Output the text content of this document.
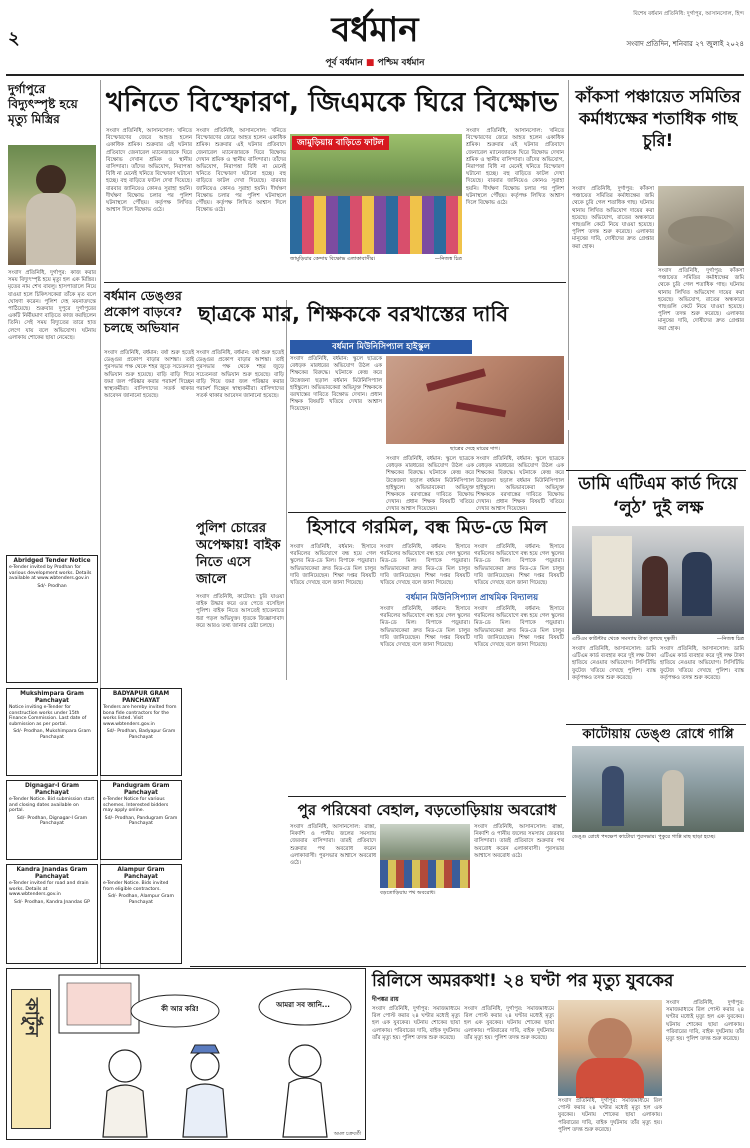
২	বর্ধমান	বিশেষ বর্ধমান প্রতিনিধি: দুর্গাপুর, আসানসোল, হিন্দ
সংবাদ প্রতিদিন, শনিবার ২৭ জুলাই ২০২৪
পূর্ব বর্ধমান ■ পশ্চিম বর্ধমান
দুর্গাপুরে বিদ্যুৎস্পৃষ্ট হয়ে মৃত্যু মিস্ত্রির
সংবাদ প্রতিনিধি, দুর্গাপুর: কাজ করার সময় বিদ্যুৎস্পৃষ্ট হয়ে মৃত্যু হল এক মিস্ত্রির। মৃতের নাম শেখ বাবলু। হাসপাতালে নিয়ে যাওয়া হলে চিকিৎসকেরা তাঁকে মৃত বলে ঘোষণা করেন। পুলিশ দেহ ময়নাতদন্তে পাঠিয়েছে। শুক্রবার দুপুরে দুর্গাপুরের একটি নির্মীয়মাণ বাড়িতে কাজ করছিলেন তিনি। সেই সময় বিদ্যুতের তারে হাত লেগে যায় বলে অভিযোগ। ঘটনায় এলাকায় শোকের ছায়া নেমেছে।
Abridged Tender Notice
e-Tender invited by Prodhan for various development works. Details available at www.wbtenders.gov.in
Sd/- Prodhan
Mukshimpara Gram Panchayat
Notice inviting e-Tender for construction works under 15th Finance Commission. Last date of submission as per portal.
Sd/- Prodhan, Mukshimpara Gram Panchayat
BADYAPUR GRAM PANCHAYAT
Tenders are hereby invited from bona fide contractors for the works listed. Visit www.wbtenders.gov.in
Sd/- Prodhan, Badyapur Gram Panchayat
Dignagar-I Gram Panchayat
e-Tender Notice. Bid submission start and closing dates available on portal.
Sd/- Prodhan, Dignagar-I Gram Panchayat
Pandugram Gram Panchayat
e-Tender Notice for various schemes. Interested bidders may apply online.
Sd/- Prodhan, Pandugram Gram Panchayat
Kandra Jnandas Gram Panchayat
e-Tender invited for road and drain works. Details at www.wbtenders.gov.in
Sd/- Prodhan, Kandra Jnandas GP
Alampur Gram Panchayat
e-Tender Notice. Bids invited from eligible contractors.
Sd/- Prodhan, Alampur Gram Panchayat
কার্টুন	কী আর করি!	আমরা সব জানি...
অমল চক্রবর্তী
খনিতে বিস্ফোরণ, জিএমকে ঘিরে বিক্ষোভ
সংবাদ প্রতিনিধি, আসানসোল: খনিতে বিস্ফোরণের জেরে আহত হলেন একাধিক শ্রমিক। শুক্রবার এই ঘটনার প্রতিবাদে জেনারেল ম্যানেজারকে ঘিরে বিক্ষোভ দেখান শ্রমিক ও স্থানীয় বাসিন্দারা। তাঁদের অভিযোগ, নিরাপত্তা বিধি না মেনেই খনিতে বিস্ফোরণ ঘটানো হচ্ছে। বহু বাড়িতে ফাটল দেখা দিয়েছে। বারবার জানিয়েও কোনও সুরাহা হয়নি। দীর্ঘক্ষণ বিক্ষোভ চলার পর পুলিশ ঘটনাস্থলে পৌঁছয়। কর্তৃপক্ষ লিখিত আশ্বাস দিলে বিক্ষোভ ওঠে।
সংবাদ প্রতিনিধি, আসানসোল: খনিতে বিস্ফোরণের জেরে আহত হলেন একাধিক শ্রমিক। শুক্রবার এই ঘটনার প্রতিবাদে জেনারেল ম্যানেজারকে ঘিরে বিক্ষোভ দেখান শ্রমিক ও স্থানীয় বাসিন্দারা। তাঁদের অভিযোগ, নিরাপত্তা বিধি না মেনেই খনিতে বিস্ফোরণ ঘটানো হচ্ছে। বহু বাড়িতে ফাটল দেখা দিয়েছে। বারবার জানিয়েও কোনও সুরাহা হয়নি। দীর্ঘক্ষণ বিক্ষোভ চলার পর পুলিশ ঘটনাস্থলে পৌঁছয়। কর্তৃপক্ষ লিখিত আশ্বাস দিলে বিক্ষোভ ওঠে।
জামুড়িয়ায় বাড়িতে ফাটল
জামুড়িয়ার কেন্দায় বিক্ষোভ এলাকাবাসীর।	—নিজস্ব চিত্র
সংবাদ প্রতিনিধি, আসানসোল: খনিতে বিস্ফোরণের জেরে আহত হলেন একাধিক শ্রমিক। শুক্রবার এই ঘটনার প্রতিবাদে জেনারেল ম্যানেজারকে ঘিরে বিক্ষোভ দেখান শ্রমিক ও স্থানীয় বাসিন্দারা। তাঁদের অভিযোগ, নিরাপত্তা বিধি না মেনেই খনিতে বিস্ফোরণ ঘটানো হচ্ছে। বহু বাড়িতে ফাটল দেখা দিয়েছে। বারবার জানিয়েও কোনও সুরাহা হয়নি। দীর্ঘক্ষণ বিক্ষোভ চলার পর পুলিশ ঘটনাস্থলে পৌঁছয়। কর্তৃপক্ষ লিখিত আশ্বাস দিলে বিক্ষোভ ওঠে।
কাঁকসা পঞ্চায়েত সমিতির কর্মাধ্যক্ষের শতাধিক গাছ চুরি!
সংবাদ প্রতিনিধি, দুর্গাপুর: কাঁকসা পঞ্চায়েত সমিতির কর্মাধ্যক্ষের জমি থেকে চুরি গেল শতাধিক গাছ। ঘটনায় থানায় লিখিত অভিযোগ দায়ের করা হয়েছে। অভিযোগ, রাতের অন্ধকারে গাছগুলি কেটে নিয়ে যাওয়া হয়েছে। পুলিশ তদন্ত শুরু করেছে। এলাকার মানুষের দাবি, দোষীদের দ্রুত গ্রেপ্তার করা হোক।
সংবাদ প্রতিনিধি, দুর্গাপুর: কাঁকসা পঞ্চায়েত সমিতির কর্মাধ্যক্ষের জমি থেকে চুরি গেল শতাধিক গাছ। ঘটনায় থানায় লিখিত অভিযোগ দায়ের করা হয়েছে। অভিযোগ, রাতের অন্ধকারে গাছগুলি কেটে নিয়ে যাওয়া হয়েছে। পুলিশ তদন্ত শুরু করেছে। এলাকার মানুষের দাবি, দোষীদের দ্রুত গ্রেপ্তার করা হোক।
বর্ধমান ডেঙ্গুর প্রকোপ বাড়বে? চলছে অভিযান
সংবাদ প্রতিনিধি, বর্ধমান: বর্ষা শুরু হতেই ডেঙ্গুর প্রকোপ বাড়ার আশঙ্কা। তাই পুরসভার পক্ষ থেকে শহর জুড়ে সচেতনতা অভিযান শুরু হয়েছে। বাড়ি বাড়ি গিয়ে জমা জল পরিষ্কার করার পরামর্শ দিচ্ছেন স্বাস্থ্যকর্মীরা। বাসিন্দাদের সতর্ক থাকার আবেদন জানানো হয়েছে।
সংবাদ প্রতিনিধি, বর্ধমান: বর্ষা শুরু হতেই ডেঙ্গুর প্রকোপ বাড়ার আশঙ্কা। তাই পুরসভার পক্ষ থেকে শহর জুড়ে সচেতনতা অভিযান শুরু হয়েছে। বাড়ি বাড়ি গিয়ে জমা জল পরিষ্কার করার পরামর্শ দিচ্ছেন স্বাস্থ্যকর্মীরা। বাসিন্দাদের সতর্ক থাকার আবেদন জানানো হয়েছে।
ছাত্রকে মার, শিক্ষককে বরখাস্তের দাবি
বর্ধমান মিউনিসিপ্যাল হাইস্কুল
সংবাদ প্রতিনিধি, বর্ধমান: স্কুলে ছাত্রকে বেধড়ক মারধরের অভিযোগ উঠল এক শিক্ষকের বিরুদ্ধে। ঘটনাকে কেন্দ্র করে উত্তেজনা ছড়াল বর্ধমান মিউনিসিপ্যাল হাইস্কুলে। অভিভাবকেরা অভিযুক্ত শিক্ষককে বরখাস্তের দাবিতে বিক্ষোভ দেখান। প্রধান শিক্ষক বিষয়টি খতিয়ে দেখার আশ্বাস দিয়েছেন।
ছাত্রের দেহে মারের দাগ।
সংবাদ প্রতিনিধি, বর্ধমান: স্কুলে ছাত্রকে বেধড়ক মারধরের অভিযোগ উঠল এক শিক্ষকের বিরুদ্ধে। ঘটনাকে কেন্দ্র করে উত্তেজনা ছড়াল বর্ধমান মিউনিসিপ্যাল হাইস্কুলে। অভিভাবকেরা অভিযুক্ত শিক্ষককে বরখাস্তের দাবিতে বিক্ষোভ দেখান। প্রধান শিক্ষক বিষয়টি খতিয়ে দেখার আশ্বাস দিয়েছেন।
সংবাদ প্রতিনিধি, বর্ধমান: স্কুলে ছাত্রকে বেধড়ক মারধরের অভিযোগ উঠল এক শিক্ষকের বিরুদ্ধে। ঘটনাকে কেন্দ্র করে উত্তেজনা ছড়াল বর্ধমান মিউনিসিপ্যাল হাইস্কুলে। অভিভাবকেরা অভিযুক্ত শিক্ষককে বরখাস্তের দাবিতে বিক্ষোভ দেখান। প্রধান শিক্ষক বিষয়টি খতিয়ে দেখার আশ্বাস দিয়েছেন।
ডামি এটিএম কার্ড দিয়ে ‘লুঠ’ দুই লক্ষ
এটিএম কাউন্টার থেকে সমস্যায় টাকা তুলছে দুষ্কৃতী।	—নিজস্ব চিত্র
সংবাদ প্রতিনিধি, আসানসোল: ডামি এটিএম কার্ড ব্যবহার করে দুই লক্ষ টাকা হাতিয়ে নেওয়ার অভিযোগ। সিসিটিভি ফুটেজ খতিয়ে দেখছে পুলিশ। ব্যাঙ্ক কর্তৃপক্ষও তদন্ত শুরু করেছে।
সংবাদ প্রতিনিধি, আসানসোল: ডামি এটিএম কার্ড ব্যবহার করে দুই লক্ষ টাকা হাতিয়ে নেওয়ার অভিযোগ। সিসিটিভি ফুটেজ খতিয়ে দেখছে পুলিশ। ব্যাঙ্ক কর্তৃপক্ষও তদন্ত শুরু করেছে।
পুলিশ চোরের অপেক্ষায়! বাইক নিতে এসে জালে
সংবাদ প্রতিনিধি, কাটোয়া: চুরি যাওয়া বাইক উদ্ধার করে ওত পেতে বসেছিল পুলিশ। বাইক নিতে আসতেই হাতেনাতে ধরা পড়ল অভিযুক্ত। ধৃতকে জিজ্ঞাসাবাদ করে আরও তথ্য জানার চেষ্টা চলছে।
হিসাবে গরমিল, বন্ধ মিড-ডে মিল
সংবাদ প্রতিনিধি, বর্ধমান: হিসাবে গরমিলের অভিযোগে বন্ধ হয়ে গেল স্কুলের মিড-ডে মিল। বিপাকে পড়ুয়ারা। অভিভাবকেরা দ্রুত মিড-ডে মিল চালুর দাবি জানিয়েছেন। শিক্ষা দপ্তর বিষয়টি খতিয়ে দেখছে বলে জানা গিয়েছে।
সংবাদ প্রতিনিধি, বর্ধমান: হিসাবে গরমিলের অভিযোগে বন্ধ হয়ে গেল স্কুলের মিড-ডে মিল। বিপাকে পড়ুয়ারা। অভিভাবকেরা দ্রুত মিড-ডে মিল চালুর দাবি জানিয়েছেন। শিক্ষা দপ্তর বিষয়টি খতিয়ে দেখছে বলে জানা গিয়েছে।
সংবাদ প্রতিনিধি, বর্ধমান: হিসাবে গরমিলের অভিযোগে বন্ধ হয়ে গেল স্কুলের মিড-ডে মিল। বিপাকে পড়ুয়ারা। অভিভাবকেরা দ্রুত মিড-ডে মিল চালুর দাবি জানিয়েছেন। শিক্ষা দপ্তর বিষয়টি খতিয়ে দেখছে বলে জানা গিয়েছে।
বর্ধমান মিউনিসিপ্যাল প্রাথমিক বিদ্যালয়
সংবাদ প্রতিনিধি, বর্ধমান: হিসাবে গরমিলের অভিযোগে বন্ধ হয়ে গেল স্কুলের মিড-ডে মিল। বিপাকে পড়ুয়ারা। অভিভাবকেরা দ্রুত মিড-ডে মিল চালুর দাবি জানিয়েছেন। শিক্ষা দপ্তর বিষয়টি খতিয়ে দেখছে বলে জানা গিয়েছে।
সংবাদ প্রতিনিধি, বর্ধমান: হিসাবে গরমিলের অভিযোগে বন্ধ হয়ে গেল স্কুলের মিড-ডে মিল। বিপাকে পড়ুয়ারা। অভিভাবকেরা দ্রুত মিড-ডে মিল চালুর দাবি জানিয়েছেন। শিক্ষা দপ্তর বিষয়টি খতিয়ে দেখছে বলে জানা গিয়েছে।
কাটোয়ায় ডেঙ্গু রোধে গাপ্পি
ডেঙ্গু রোধে পদক্ষেপ কাটোয়া পুরসভার। পুকুরে গাপ্পি মাছ ছাড়া হচ্ছে।
পুর পরিষেবা বেহাল, বড়তোড়িয়ায় অবরোধ
সংবাদ প্রতিনিধি, আসানসোল: রাস্তা, নিকাশি ও পানীয় জলের সমস্যায় জেরবার বাসিন্দারা। তারই প্রতিবাদে শুক্রবার পথ অবরোধ করেন এলাকাবাসী। পুরসভার আশ্বাসে অবরোধ ওঠে।
বড়তোড়িয়ায় পথ অবরোধ।
সংবাদ প্রতিনিধি, আসানসোল: রাস্তা, নিকাশি ও পানীয় জলের সমস্যায় জেরবার বাসিন্দারা। তারই প্রতিবাদে শুক্রবার পথ অবরোধ করেন এলাকাবাসী। পুরসভার আশ্বাসে অবরোধ ওঠে।
রিলিসে অমরকথা! ২৪ ঘণ্টা পর মৃত্যু যুবকের
দীপঙ্কর রায়
সংবাদ প্রতিনিধি, দুর্গাপুর: সমাজমাধ্যমে রিল পোস্ট করার ২৪ ঘণ্টার মধ্যেই মৃত্যু হল এক যুবকের। ঘটনায় শোকের ছায়া এলাকায়। পরিবারের দাবি, বাইক দুর্ঘটনায় তাঁর মৃত্যু হয়। পুলিশ তদন্ত শুরু করেছে।
সংবাদ প্রতিনিধি, দুর্গাপুর: সমাজমাধ্যমে রিল পোস্ট করার ২৪ ঘণ্টার মধ্যেই মৃত্যু হল এক যুবকের। ঘটনায় শোকের ছায়া এলাকায়। পরিবারের দাবি, বাইক দুর্ঘটনায় তাঁর মৃত্যু হয়। পুলিশ তদন্ত শুরু করেছে।
সংবাদ প্রতিনিধি, দুর্গাপুর: সমাজমাধ্যমে রিল পোস্ট করার ২৪ ঘণ্টার মধ্যেই মৃত্যু হল এক যুবকের। ঘটনায় শোকের ছায়া এলাকায়। পরিবারের দাবি, বাইক দুর্ঘটনায় তাঁর মৃত্যু হয়। পুলিশ তদন্ত শুরু করেছে।
সংবাদ প্রতিনিধি, দুর্গাপুর: সমাজমাধ্যমে রিল পোস্ট করার ২৪ ঘণ্টার মধ্যেই মৃত্যু হল এক যুবকের। ঘটনায় শোকের ছায়া এলাকায়। পরিবারের দাবি, বাইক দুর্ঘটনায় তাঁর মৃত্যু হয়। পুলিশ তদন্ত শুরু করেছে।
